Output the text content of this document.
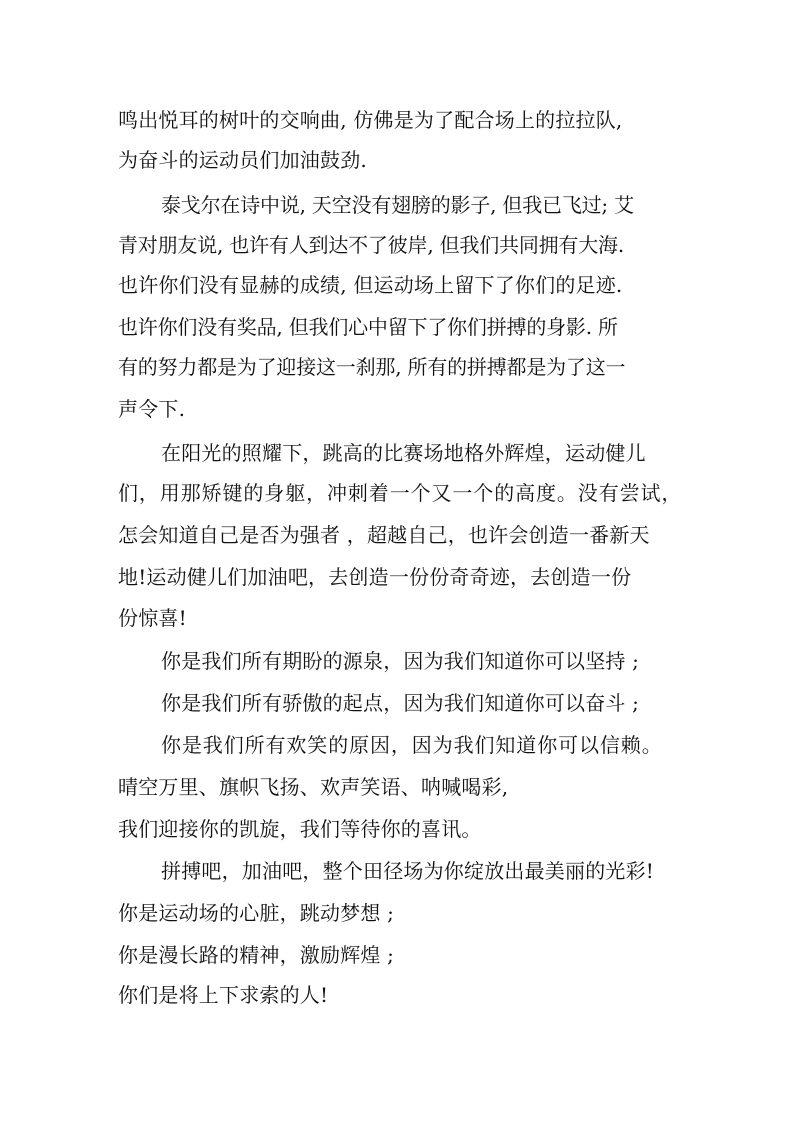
鸣出悦耳的树叶的交响曲, 仿佛是为了配合场上的拉拉队,
为奋斗的运动员们加油鼓劲.
泰戈尔在诗中说, 天空没有翅膀的影子, 但我已飞过; 艾
青对朋友说, 也许有人到达不了彼岸, 但我们共同拥有大海.
也许你们没有显赫的成绩, 但运动场上留下了你们的足迹.
也许你们没有奖品, 但我们心中留下了你们拼搏的身影. 所
有的努力都是为了迎接这一刹那, 所有的拼搏都是为了这一
声令下.
在阳光的照耀下，跳高的比赛场地格外辉煌，运动健儿
们，用那矫键的身躯，冲刺着一个又一个的高度。没有尝试，
怎会知道自己是否为强者 ，超越自己，也许会创造一番新天
地!运动健儿们加油吧，去创造一份份奇奇迹，去创造一份
份惊喜!
你是我们所有期盼的源泉，因为我们知道你可以坚持 ;
你是我们所有骄傲的起点，因为我们知道你可以奋斗 ;
你是我们所有欢笑的原因，因为我们知道你可以信赖。
晴空万里、旗帜飞扬、欢声笑语、呐喊喝彩,
我们迎接你的凯旋，我们等待你的喜讯。
拼搏吧，加油吧，整个田径场为你绽放出最美丽的光彩!
你是运动场的心脏，跳动梦想 ;
你是漫长路的精神，激励辉煌 ;
你们是将上下求索的人!
